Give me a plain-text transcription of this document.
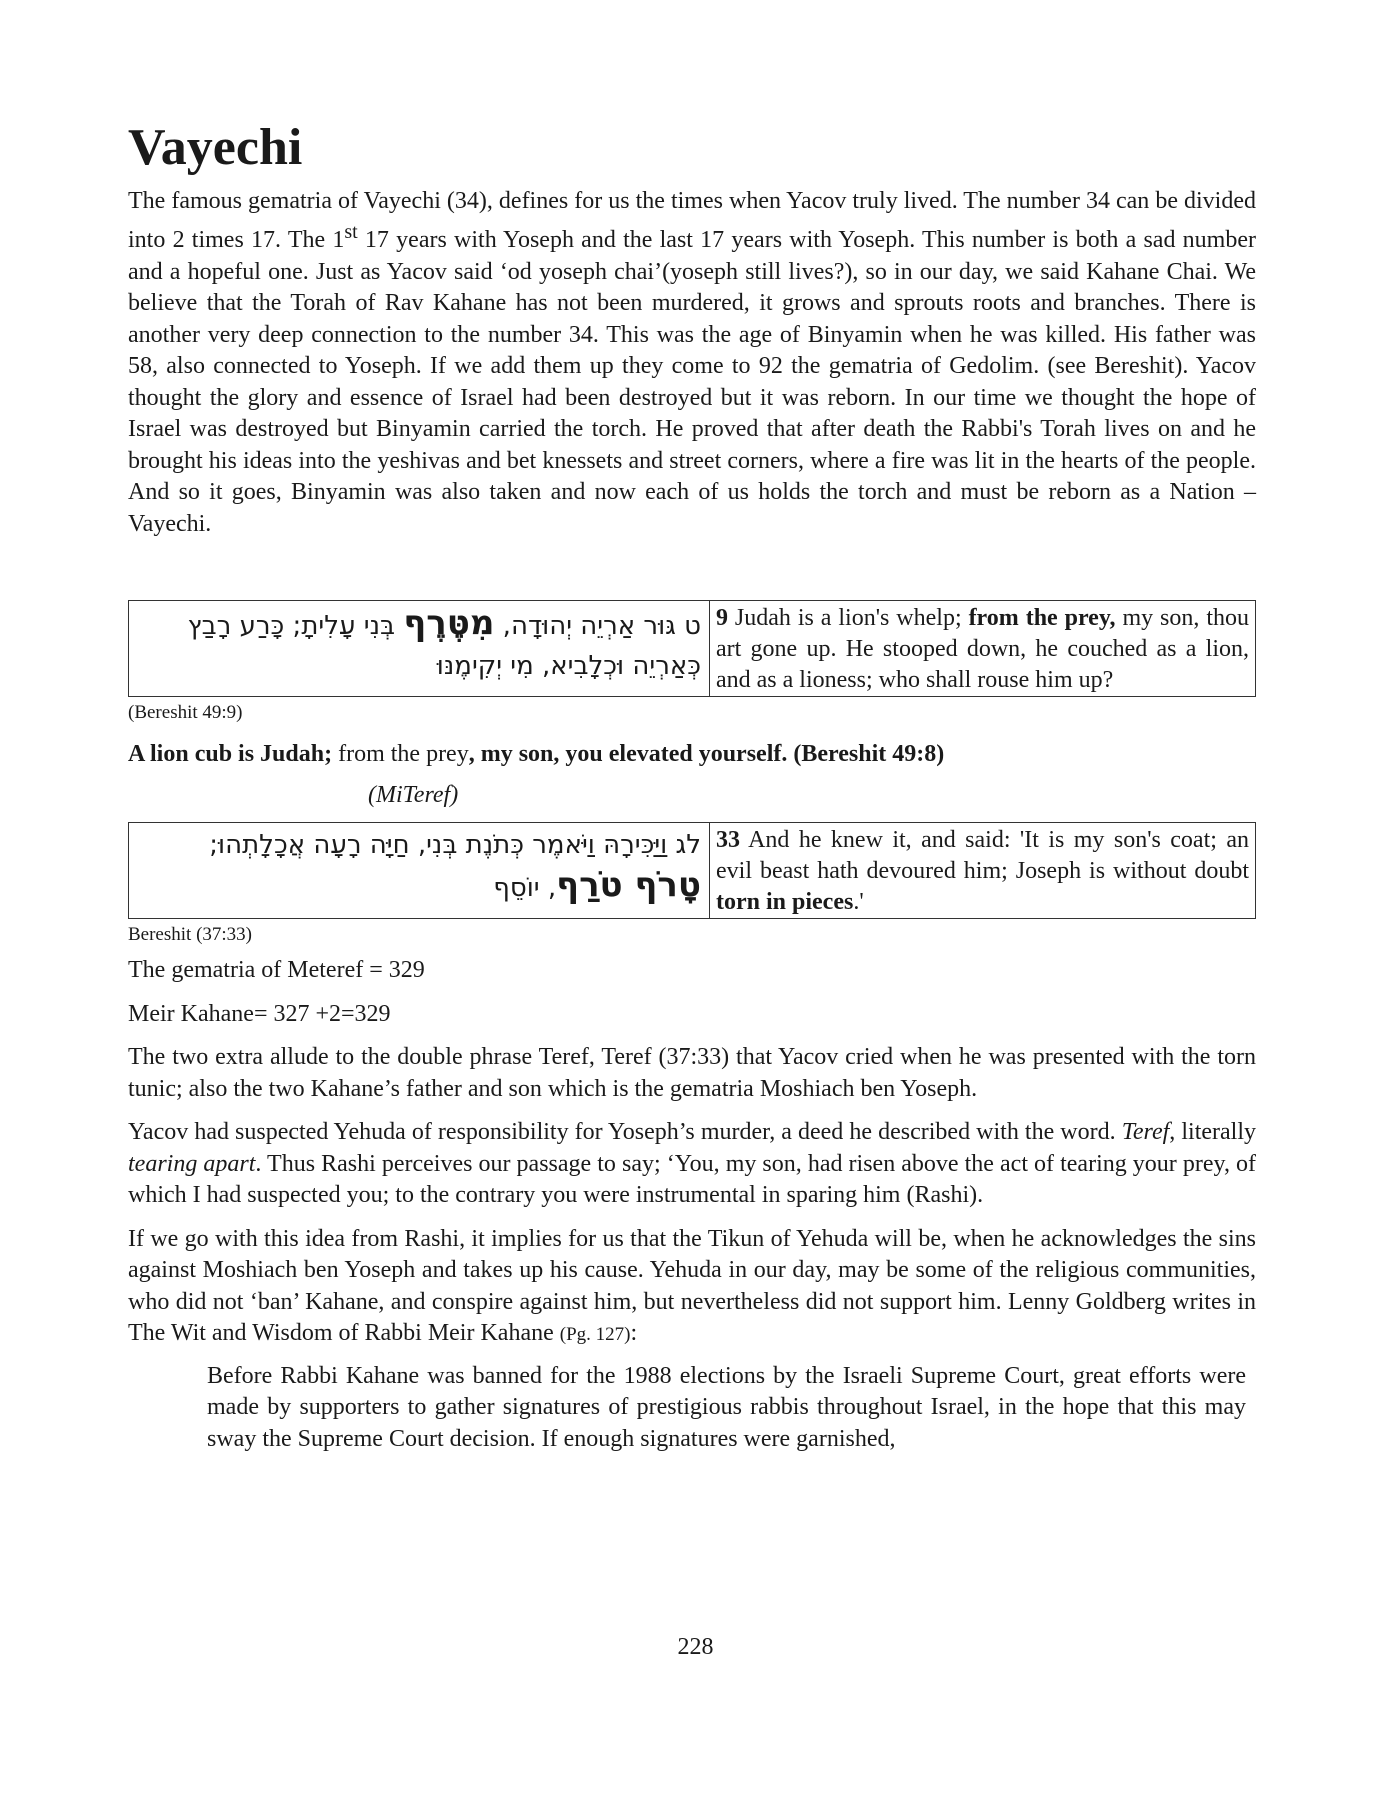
Vayechi

The famous gematria of Vayechi (34), defines for us the times when Yacov truly lived. The number 34 can be divided into 2 times 17. The 1st 17 years with Yoseph and the last 17 years with Yoseph. This number is both a sad number and a hopeful one. Just as Yacov said ‘od yoseph chai’(yoseph still lives?), so in our day, we said Kahane Chai. We believe that the Torah of Rav Kahane has not been murdered, it grows and sprouts roots and branches. There is another very deep connection to the number 34. This was the age of Binyamin when he was killed. His father was 58, also connected to Yoseph. If we add them up they come to 92 the gematria of Gedolim. (see Bereshit). Yacov thought the glory and essence of Israel had been destroyed but it was reborn. In our time we thought the hope of Israel was destroyed but Binyamin carried the torch. He proved that after death the Rabbi's Torah lives on and he brought his ideas into the yeshivas and bet knessets and street corners, where a fire was lit in the hearts of the people. And so it goes, Binyamin was also taken and now each of us holds the torch and must be reborn as a Nation – Vayechi.

ט גּוּר אַרְיֵה יְהוּדָה, מִטֶּרֶף בְּנִי עָלִיתָ; כָּרַע רָבַץ כְּאַרְיֵה וּכְלָבִיא, מִי יְקִימֶנּוּ	9 Judah is a lion's whelp; from the prey, my son, thou art gone up. He stooped down, he couched as a lion, and as a lioness; who shall rouse him up?

(Bereshit 49:9)

A lion cub is Judah; from the prey, my son, you elevated yourself. (Bereshit 49:8)

(MiTeref)

לג וַיַּכִּירָהּ וַיֹּאמֶר כְּתֹנֶת בְּנִי, חַיָּה רָעָה אֲכָלָתְהוּ; טָרֹף טֹרַף, יוֹסֵף	33 And he knew it, and said: 'It is my son's coat; an evil beast hath devoured him; Joseph is without doubt torn in pieces.'

Bereshit (37:33)

The gematria of Meteref = 329

Meir Kahane= 327 +2=329

The two extra allude to the double phrase Teref, Teref (37:33) that Yacov cried when he was presented with the torn tunic; also the two Kahane’s father and son which is the gematria Moshiach ben Yoseph.

Yacov had suspected Yehuda of responsibility for Yoseph’s murder, a deed he described with the word. Teref, literally tearing apart. Thus Rashi perceives our passage to say; ‘You, my son, had risen above the act of tearing your prey, of which I had suspected you; to the contrary you were instrumental in sparing him (Rashi).

If we go with this idea from Rashi, it implies for us that the Tikun of Yehuda will be, when he acknowledges the sins against Moshiach ben Yoseph and takes up his cause. Yehuda in our day, may be some of the religious communities, who did not ‘ban’ Kahane, and conspire against him, but nevertheless did not support him. Lenny Goldberg writes in The Wit and Wisdom of Rabbi Meir Kahane (Pg. 127):

Before Rabbi Kahane was banned for the 1988 elections by the Israeli Supreme Court, great efforts were made by supporters to gather signatures of prestigious rabbis throughout Israel, in the hope that this may sway the Supreme Court decision. If enough signatures were garnished,

228
